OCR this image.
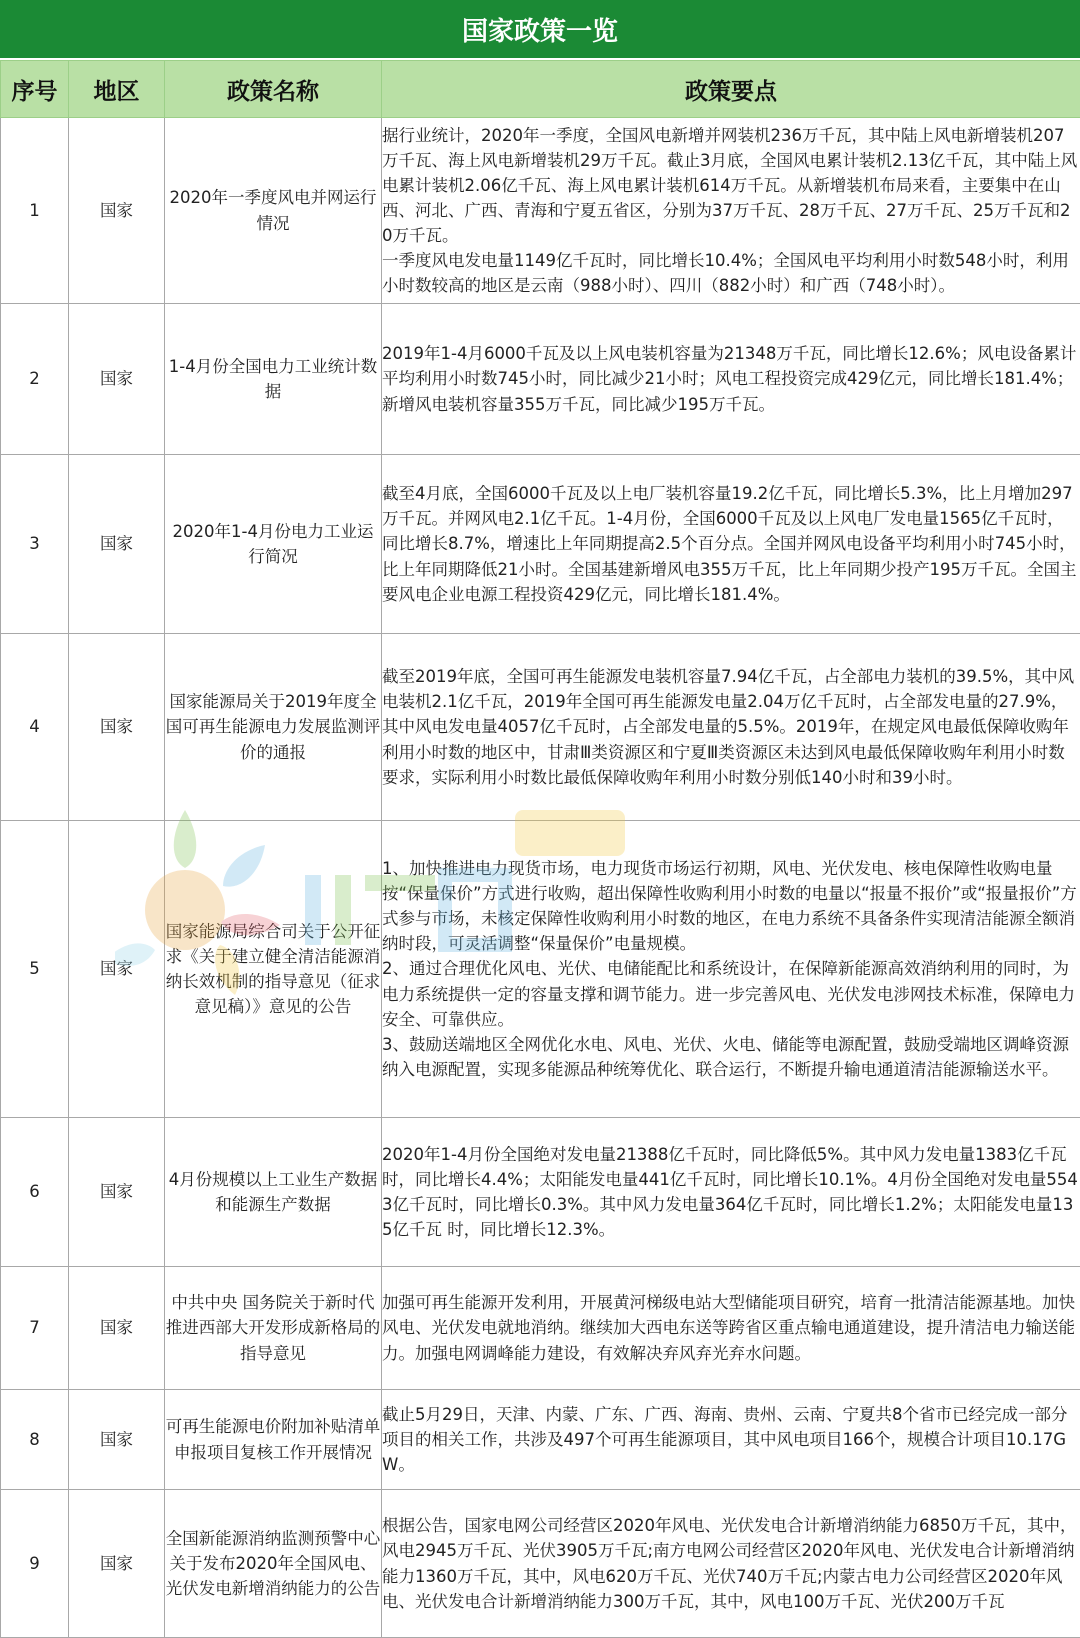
国家政策一览
序号	地区	政策名称	政策要点
1	国家	2020年一季度风电并网运行情况	据行业统计，2020年一季度，全国风电新增并网装机236万千瓦，其中陆上风电新增装机207万千瓦、海上风电新增装机29万千瓦。截止3月底，全国风电累计装机2.13亿千瓦，其中陆上风电累计装机2.06亿千瓦、海上风电累计装机614万千瓦。从新增装机布局来看，主要集中在山西、河北、广西、青海和宁夏五省区，分别为37万千瓦、28万千瓦、27万千瓦、25万千瓦和20万千瓦。
一季度风电发电量1149亿千瓦时，同比增长10.4%；全国风电平均利用小时数548小时，利用小时数较高的地区是云南（988小时）、四川（882小时）和广西（748小时）。
2	国家	1-4月份全国电力工业统计数据	2019年1-4月6000千瓦及以上风电装机容量为21348万千瓦，同比增长12.6%；风电设备累计平均利用小时数745小时，同比减少21小时；风电工程投资完成429亿元，同比增长181.4%；新增风电装机容量355万千瓦，同比减少195万千瓦。
3	国家	2020年1-4月份电力工业运行简况	截至4月底，全国6000千瓦及以上电厂装机容量19.2亿千瓦，同比增长5.3%，比上月增加297万千瓦。并网风电2.1亿千瓦。1-4月份，全国6000千瓦及以上风电厂发电量1565亿千瓦时，同比增长8.7%，增速比上年同期提高2.5个百分点。全国并网风电设备平均利用小时745小时，比上年同期降低21小时。全国基建新增风电355万千瓦，比上年同期少投产195万千瓦。全国主要风电企业电源工程投资429亿元，同比增长181.4%。
4	国家	国家能源局关于2019年度全国可再生能源电力发展监测评价的通报	截至2019年底，全国可再生能源发电装机容量7.94亿千瓦，占全部电力装机的39.5%，其中风电装机2.1亿千瓦，2019年全国可再生能源发电量2.04万亿千瓦时，占全部发电量的27.9%，其中风电发电量4057亿千瓦时，占全部发电量的5.5%。2019年，在规定风电最低保障收购年利用小时数的地区中，甘肃Ⅲ类资源区和宁夏Ⅲ类资源区未达到风电最低保障收购年利用小时数要求，实际利用小时数比最低保障收购年利用小时数分别低140小时和39小时。
5	国家	国家能源局综合司关于公开征求《关于建立健全清洁能源消纳长效机制的指导意见（征求意见稿）》意见的公告	1、加快推进电力现货市场，电力现货市场运行初期，风电、光伏发电、核电保障性收购电量按“保量保价”方式进行收购，超出保障性收购利用小时数的电量以“报量不报价”或“报量报价”方式参与市场，未核定保障性收购利用小时数的地区，在电力系统不具备条件实现清洁能源全额消纳时段，可灵活调整“保量保价”电量规模。
2、通过合理优化风电、光伏、电储能配比和系统设计，在保障新能源高效消纳利用的同时，为电力系统提供一定的容量支撑和调节能力。进一步完善风电、光伏发电涉网技术标准，保障电力安全、可靠供应。
3、鼓励送端地区全网优化水电、风电、光伏、火电、储能等电源配置，鼓励受端地区调峰资源纳入电源配置，实现多能源品种统筹优化、联合运行，不断提升输电通道清洁能源输送水平。
6	国家	4月份规模以上工业生产数据和能源生产数据	2020年1-4月份全国绝对发电量21388亿千瓦时，同比降低5%。其中风力发电量1383亿千瓦时，同比增长4.4%；太阳能发电量441亿千瓦时，同比增长10.1%。4月份全国绝对发电量5543亿千瓦时，同比增长0.3%。其中风力发电量364亿千瓦时，同比增长1.2%；太阳能发电量135亿千瓦 时，同比增长12.3%。
7	国家	中共中央 国务院关于新时代推进西部大开发形成新格局的指导意见	加强可再生能源开发利用，开展黄河梯级电站大型储能项目研究，培育一批清洁能源基地。加快风电、光伏发电就地消纳。继续加大西电东送等跨省区重点输电通道建设，提升清洁电力输送能力。加强电网调峰能力建设，有效解决弃风弃光弃水问题。
8	国家	可再生能源电价附加补贴清单申报项目复核工作开展情况	截止5月29日，天津、内蒙、广东、广西、海南、贵州、云南、宁夏共8个省市已经完成一部分项目的相关工作，共涉及497个可再生能源项目，其中风电项目166个，规模合计项目10.17GW。
9	国家	全国新能源消纳监测预警中心关于发布2020年全国风电、光伏发电新增消纳能力的公告	根据公告，国家电网公司经营区2020年风电、光伏发电合计新增消纳能力6850万千瓦，其中，风电2945万千瓦、光伏3905万千瓦;南方电网公司经营区2020年风电、光伏发电合计新增消纳能力1360万千瓦，其中，风电620万千瓦、光伏740万千瓦;内蒙古电力公司经营区2020年风电、光伏发电合计新增消纳能力300万千瓦，其中，风电100万千瓦、光伏200万千瓦
